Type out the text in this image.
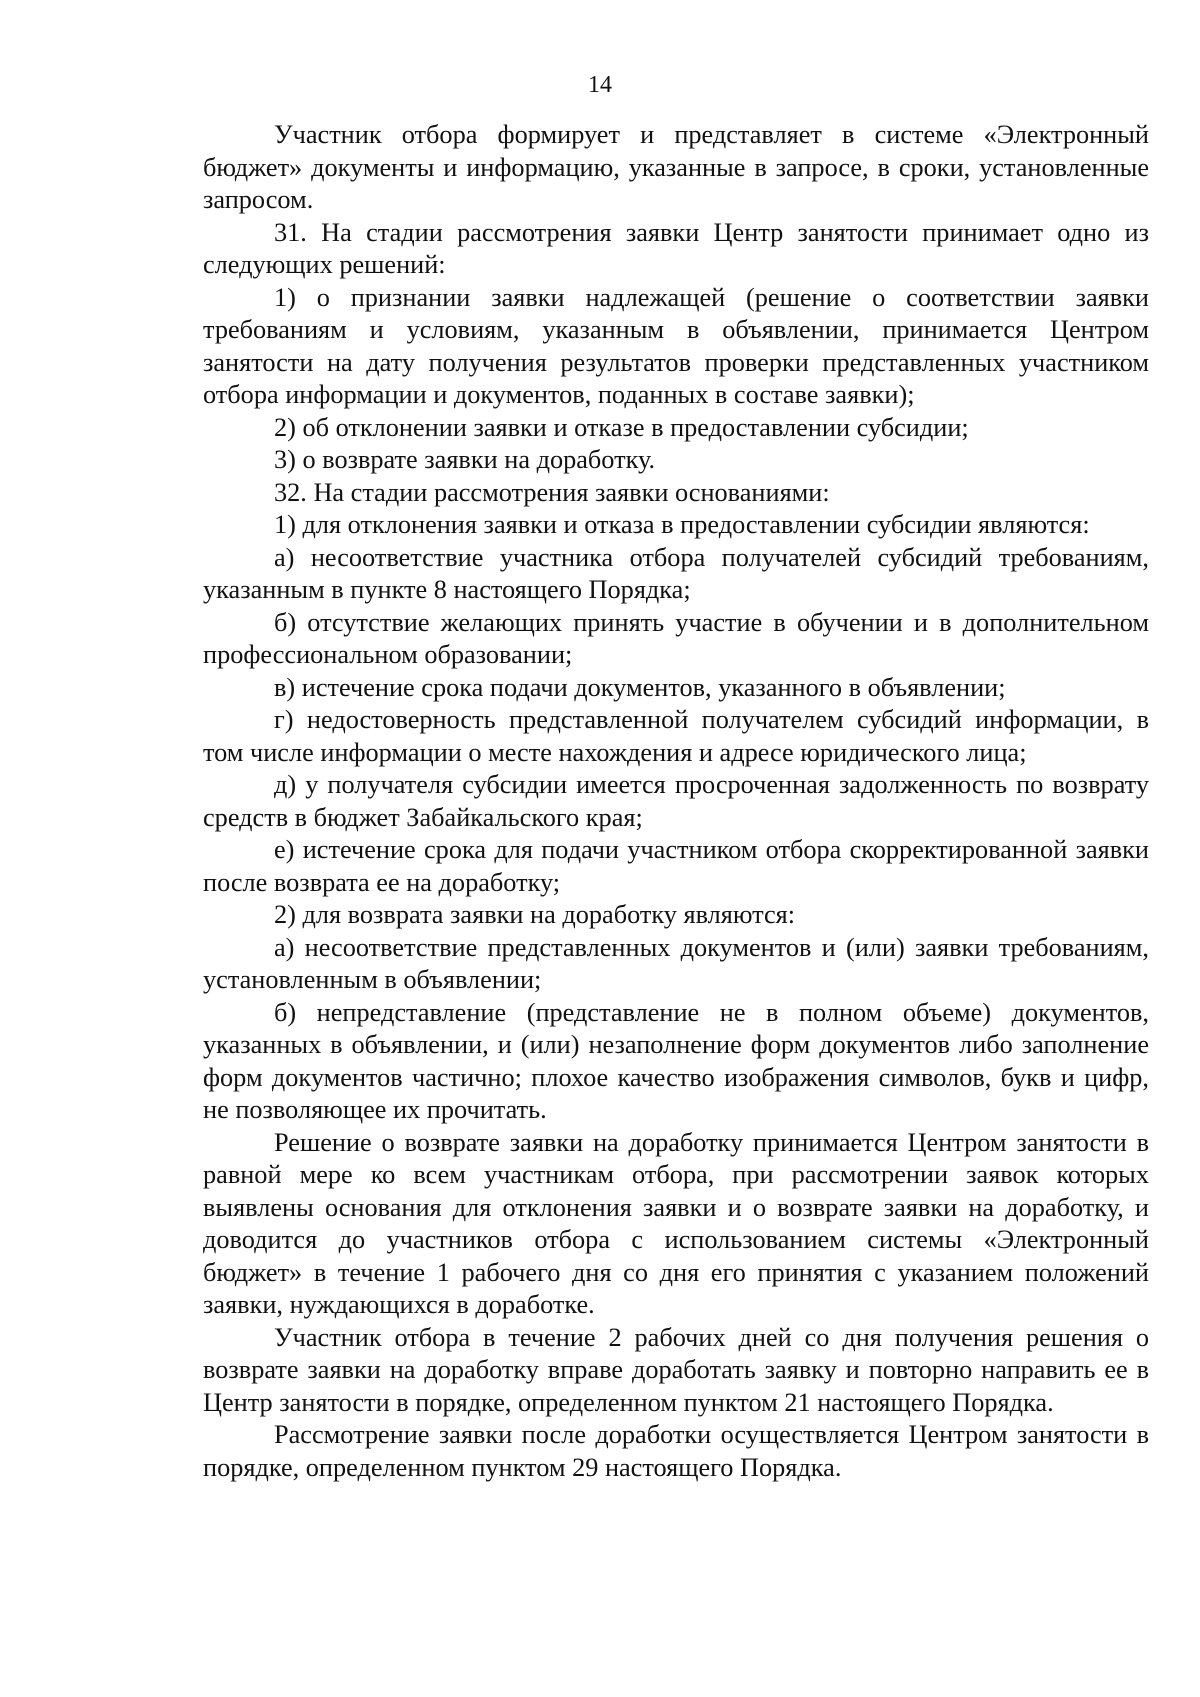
14

Участник отбора формирует и представляет в системе «Электронный бюджет» документы и информацию, указанные в запросе, в сроки, установленные запросом.

31. На стадии рассмотрения заявки Центр занятости принимает одно из следующих решений:

1) о признании заявки надлежащей (решение о соответствии заявки требованиям и условиям, указанным в объявлении, принимается Центром занятости на дату получения результатов проверки представленных участником отбора информации и документов, поданных в составе заявки);

2) об отклонении заявки и отказе в предоставлении субсидии;

3) о возврате заявки на доработку.

32. На стадии рассмотрения заявки основаниями:

1) для отклонения заявки и отказа в предоставлении субсидии являются:

а) несоответствие участника отбора получателей субсидий требованиям, указанным в пункте 8 настоящего Порядка;

б) отсутствие желающих принять участие в обучении и в дополнительном профессиональном образовании;

в) истечение срока подачи документов, указанного в объявлении;

г) недостоверность представленной получателем субсидий информации, в том числе информации о месте нахождения и адресе юридического лица;

д) у получателя субсидии имеется просроченная задолженность по возврату средств в бюджет Забайкальского края;

е) истечение срока для подачи участником отбора скорректированной заявки после возврата ее на доработку;

2) для возврата заявки на доработку являются:

а) несоответствие представленных документов и (или) заявки требованиям, установленным в объявлении;

б) непредставление (представление не в полном объеме) документов, указанных в объявлении, и (или) незаполнение форм документов либо заполнение форм документов частично; плохое качество изображения символов, букв и цифр, не позволяющее их прочитать.

Решение о возврате заявки на доработку принимается Центром занятости в равной мере ко всем участникам отбора, при рассмотрении заявок которых выявлены основания для отклонения заявки и о возврате заявки на доработку, и доводится до участников отбора с использованием системы «Электронный бюджет» в течение 1 рабочего дня со дня его принятия с указанием положений заявки, нуждающихся в доработке.

Участник отбора в течение 2 рабочих дней со дня получения решения о возврате заявки на доработку вправе доработать заявку и повторно направить ее в Центр занятости в порядке, определенном пунктом 21 настоящего Порядка.

Рассмотрение заявки после доработки осуществляется Центром занятости в порядке, определенном пунктом 29 настоящего Порядка.
